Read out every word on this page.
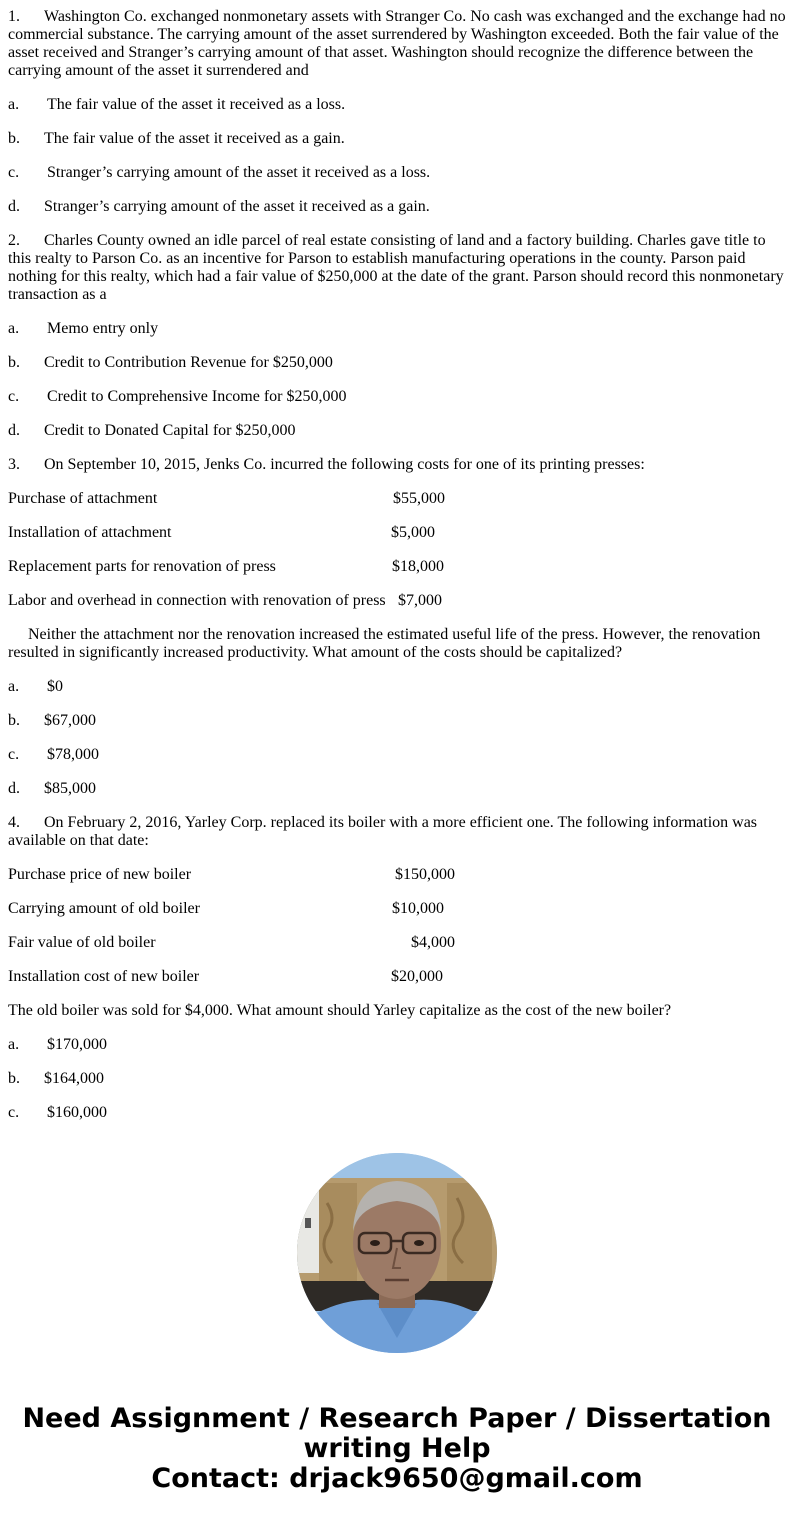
1. Washington Co. exchanged nonmonetary assets with Stranger Co. No cash was exchanged and the exchange had no commercial substance. The carrying amount of the asset surrendered by Washington exceeded. Both the fair value of the asset received and Stranger’s carrying amount of that asset. Washington should recognize the difference between the carrying amount of the asset it surrendered and

a. The fair value of the asset it received as a loss.

b. The fair value of the asset it received as a gain.

c. Stranger’s carrying amount of the asset it received as a loss.

d. Stranger’s carrying amount of the asset it received as a gain.

2. Charles County owned an idle parcel of real estate consisting of land and a factory building. Charles gave title to this realty to Parson Co. as an incentive for Parson to establish manufacturing operations in the county. Parson paid nothing for this realty, which had a fair value of $250,000 at the date of the grant. Parson should record this nonmonetary transaction as a

a. Memo entry only

b. Credit to Contribution Revenue for $250,000

c. Credit to Comprehensive Income for $250,000

d. Credit to Donated Capital for $250,000

3. On September 10, 2015, Jenks Co. incurred the following costs for one of its printing presses:

Purchase of attachment	$55,000
Installation of attachment	$5,000
Replacement parts for renovation of press	$18,000
Labor and overhead in connection with renovation of press $7,000

Neither the attachment nor the renovation increased the estimated useful life of the press. However, the renovation resulted in significantly increased productivity. What amount of the costs should be capitalized?

a. $0

b. $67,000

c. $78,000

d. $85,000

4. On February 2, 2016, Yarley Corp. replaced its boiler with a more efficient one. The following information was available on that date:

Purchase price of new boiler	$150,000
Carrying amount of old boiler	$10,000
Fair value of old boiler	$4,000
Installation cost of new boiler	$20,000

The old boiler was sold for $4,000. What amount should Yarley capitalize as the cost of the new boiler?

a. $170,000

b. $164,000

c. $160,000

Need Assignment / Research Paper / Dissertation
writing Help
Contact: drjack9650@gmail.com
